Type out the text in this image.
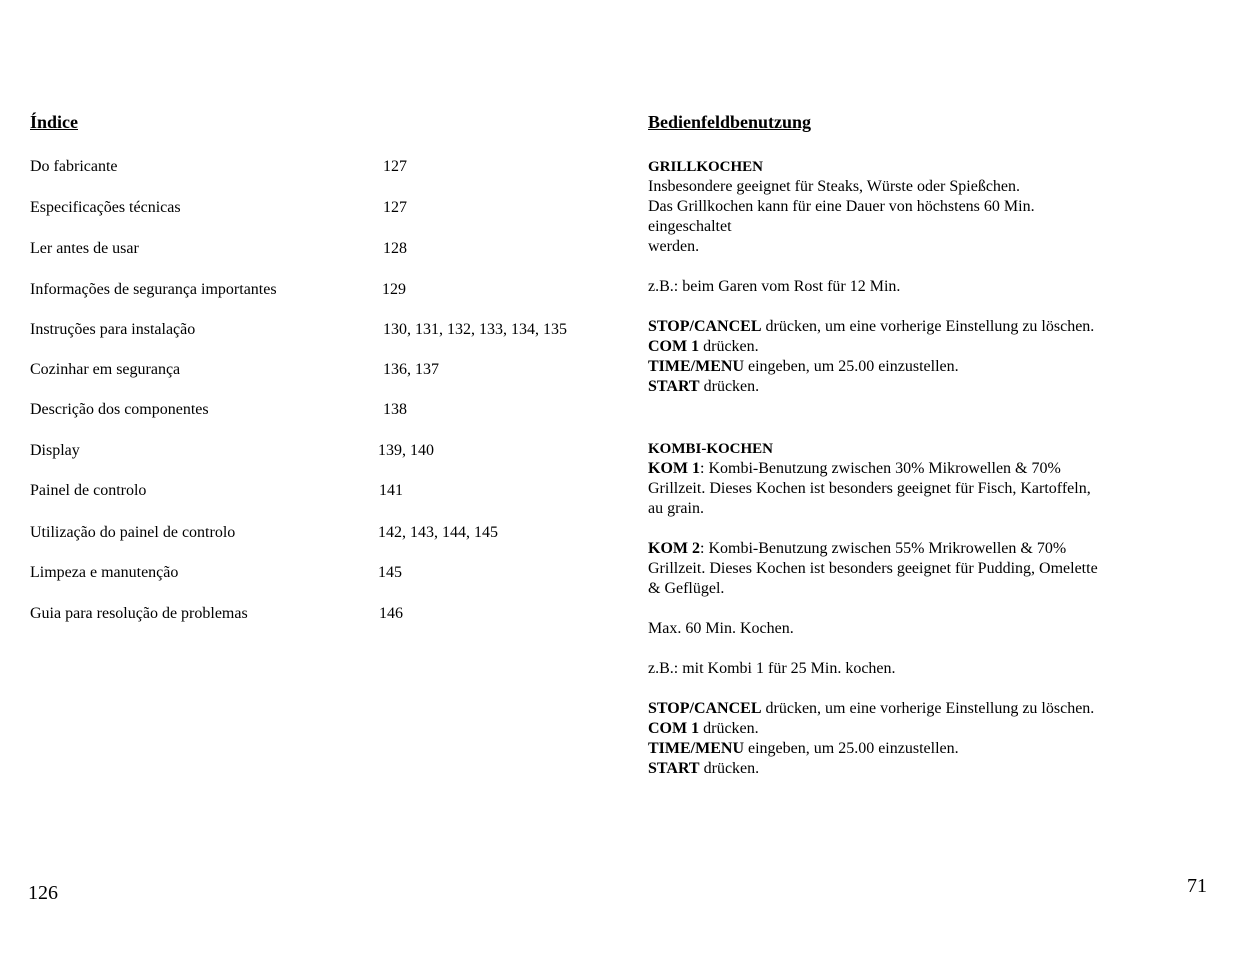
Índice
Do fabricante	127
Especificações técnicas	127
Ler antes de usar	128
Informações de segurança importantes	129
Instruções para instalação	130, 131, 132, 133, 134, 135
Cozinhar em segurança	136, 137
Descrição dos componentes	138
Display	139, 140
Painel de controlo	141
Utilização do painel de controlo	142, 143, 144, 145
Limpeza e manutenção	145
Guia para resolução de problemas	146
126
Bedienfeldbenutzung
GRILLKOCHEN
Insbesondere geeignet für Steaks, Würste oder Spießchen.
Das Grillkochen kann für eine Dauer von höchstens 60 Min.
eingeschaltet
werden.
z.B.: beim Garen vom Rost für 12 Min.
STOP/CANCEL drücken, um eine vorherige Einstellung zu löschen.
COM 1 drücken.
TIME/MENU eingeben, um 25.00 einzustellen.
START drücken.
KOMBI-KOCHEN
KOM 1: Kombi-Benutzung zwischen 30% Mikrowellen & 70%
Grillzeit. Dieses Kochen ist besonders geeignet für Fisch, Kartoffeln,
au grain.
KOM 2: Kombi-Benutzung zwischen 55% Mrikrowellen & 70%
Grillzeit. Dieses Kochen ist besonders geeignet für Pudding, Omelette
& Geflügel.
Max. 60 Min. Kochen.
z.B.: mit Kombi 1 für 25 Min. kochen.
STOP/CANCEL drücken, um eine vorherige Einstellung zu löschen.
COM 1 drücken.
TIME/MENU eingeben, um 25.00 einzustellen.
START drücken.
71
